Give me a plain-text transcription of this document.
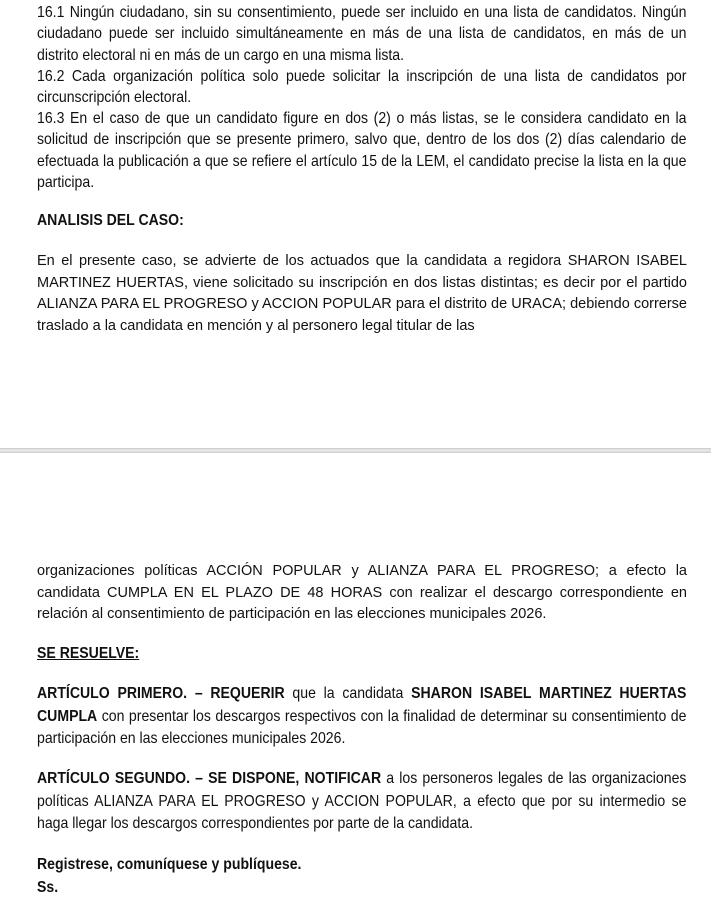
16.1 Ningún ciudadano, sin su consentimiento, puede ser incluido en una lista de candidatos. Ningún ciudadano puede ser incluido simultáneamente en más de una lista de candidatos, en más de un distrito electoral ni en más de un cargo en una misma lista.

16.2 Cada organización política solo puede solicitar la inscripción de una lista de candidatos por circunscripción electoral.

16.3 En el caso de que un candidato figure en dos (2) o más listas, se le considera candidato en la solicitud de inscripción que se presente primero, salvo que, dentro de los dos (2) días calendario de efectuada la publicación a que se refiere el artículo 15 de la LEM, el candidato precise la lista en la que participa.

ANALISIS DEL CASO:

En el presente caso, se advierte de los actuados que la candidata a regidora SHARON ISABEL MARTINEZ HUERTAS, viene solicitado su inscripción en dos listas distintas; es decir por el partido ALIANZA PARA EL PROGRESO y ACCION POPULAR para el distrito de URACA; debiendo correrse traslado a la candidata en mención y al personero legal titular de las

organizaciones políticas ACCIÓN POPULAR y ALIANZA PARA EL PROGRESO; a efecto la candidata CUMPLA EN EL PLAZO DE 48 HORAS con realizar el descargo correspondiente en relación al consentimiento de participación en las elecciones municipales 2026.

SE RESUELVE:

ARTÍCULO PRIMERO. – REQUERIR que la candidata SHARON ISABEL MARTINEZ HUERTAS CUMPLA con presentar los descargos respectivos con la finalidad de determinar su consentimiento de participación en las elecciones municipales 2026.

ARTÍCULO SEGUNDO. – SE DISPONE, NOTIFICAR a los personeros legales de las organizaciones políticas ALIANZA PARA EL PROGRESO y ACCION POPULAR, a efecto que por su intermedio se haga llegar los descargos correspondientes por parte de la candidata.

Registrese, comuníquese y publíquese.

Ss.
